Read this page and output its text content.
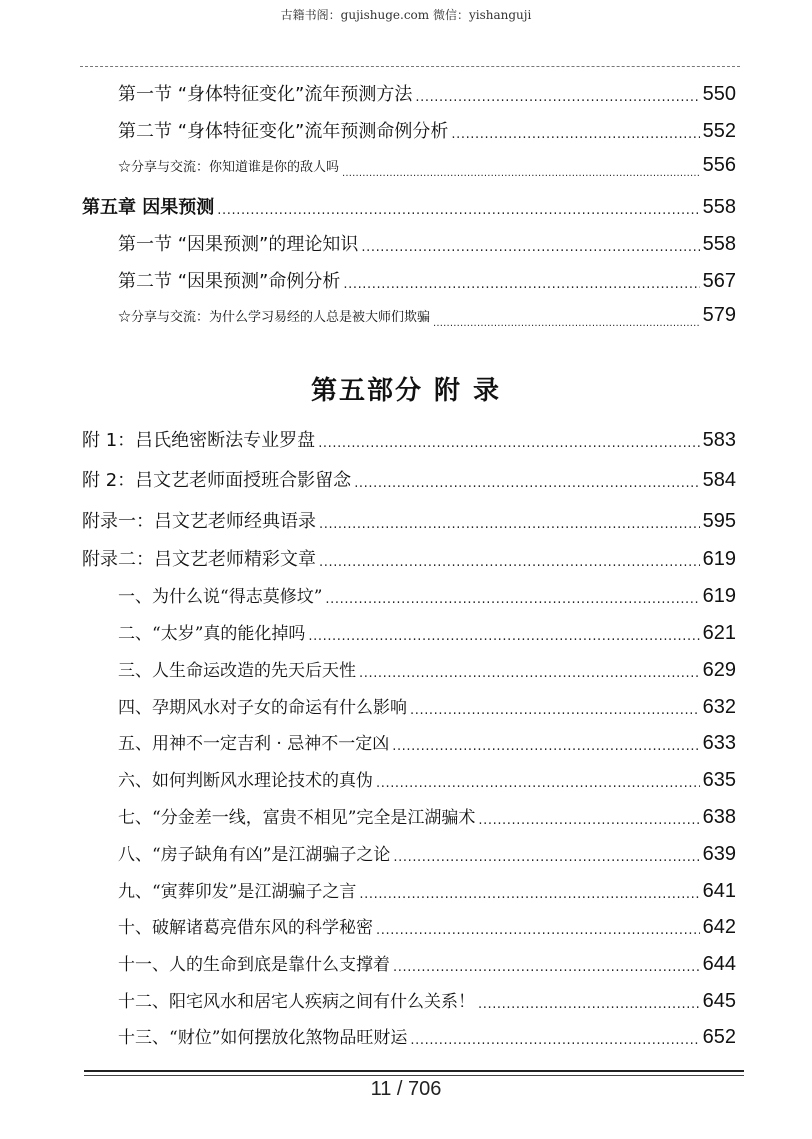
古籍书阁：gujishuge.com 微信：yishanguji
第一节 “身体特征变化”流年预测方法 .....	550
第二节 “身体特征变化”流年预测命例分析 .....	552
☆分享与交流：你知道谁是你的敌人吗 .....	556
第五章 因果预测 .....	558
第一节 “因果预测”的理论知识 .....	558
第二节 “因果预测”命例分析 .....	567
☆分享与交流：为什么学习易经的人总是被大师们欺骗 .....	579
第五部分 附 录
附 1：吕氏绝密断法专业罗盘 .....	583
附 2：吕文艺老师面授班合影留念 .....	584
附录一：吕文艺老师经典语录 .....	595
附录二：吕文艺老师精彩文章 .....	619
一、为什么说“得志莫修坟” .....	619
二、“太岁”真的能化掉吗 .....	621
三、人生命运改造的先天后天性 .....	629
四、孕期风水对子女的命运有什么影响 .....	632
五、用神不一定吉利 · 忌神不一定凶 .....	633
六、如何判断风水理论技术的真伪 .....	635
七、“分金差一线，富贵不相见”完全是江湖骗术 .....	638
八、“房子缺角有凶”是江湖骗子之论 .....	639
九、“寅葬卯发”是江湖骗子之言 .....	641
十、破解诸葛亮借东风的科学秘密 .....	642
十一、人的生命到底是靠什么支撑着 .....	644
十二、阳宅风水和居宅人疾病之间有什么关系！ .....	645
十三、“财位”如何摆放化煞物品旺财运 .....	652
11 / 706
